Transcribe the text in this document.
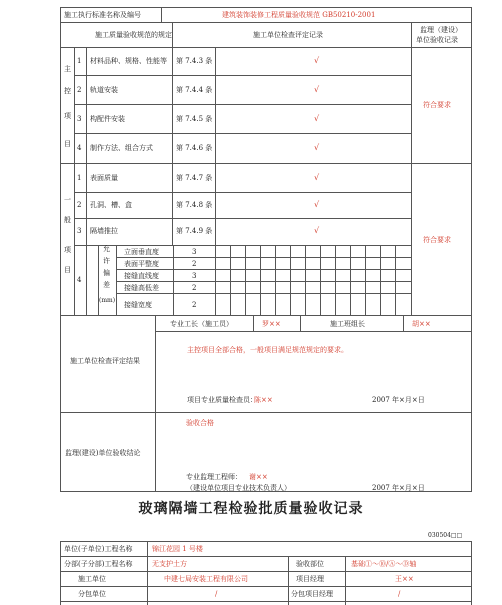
施工执行标准名称及编号	建筑装饰装修工程质量验收规范 GB50210-2001
施工质量验收规范的规定	施工单位检查评定记录
监理（建设）
单位验收记录
主
控
项
目
1 材料品种、规格、性能等 第 7.4.3 条	√
2 轨道安装	第 7.4.4 条	√
3 构配件安装	第 7.4.5 条	√
4 制作方法、组合方式	第 7.4.6 条	√
符合要求
一
般
项
目
1 表面质量	第 7.4.7 条	√
2 孔洞、槽、盒	第 7.4.8 条	√
3 隔墙推拉	第 7.4.9 条	√
4
允
许
偏
差
(mm)
立面垂直度	3
表面平整度	2
接缝直线度	3
接缝高低差	2
接缝宽度	2
符合要求
专业工长（施工员）	罗××	施工班组长	胡××
施工单位检查评定结果
主控项目全部合格，一般项目满足规范规定的要求。
项目专业质量检查员：
陈××	2007 年×月×日
监理(建设)单位验收结论
验收合格
专业监理工程师： 谢××
（建设单位项目专业技术负责人）	2007 年×月×日
玻璃隔墙工程检验批质量验收记录
030504□□
单位(子单位)工程名称	锦江花园 1 号楼
分部(子分部)工程名称	无支护土方	验收部位	基础①～⑩/Ⓐ～Ⓓ轴
施工单位	中建七局安装工程有限公司	项目经理	王××
分包单位	/	分包项目经理	/
